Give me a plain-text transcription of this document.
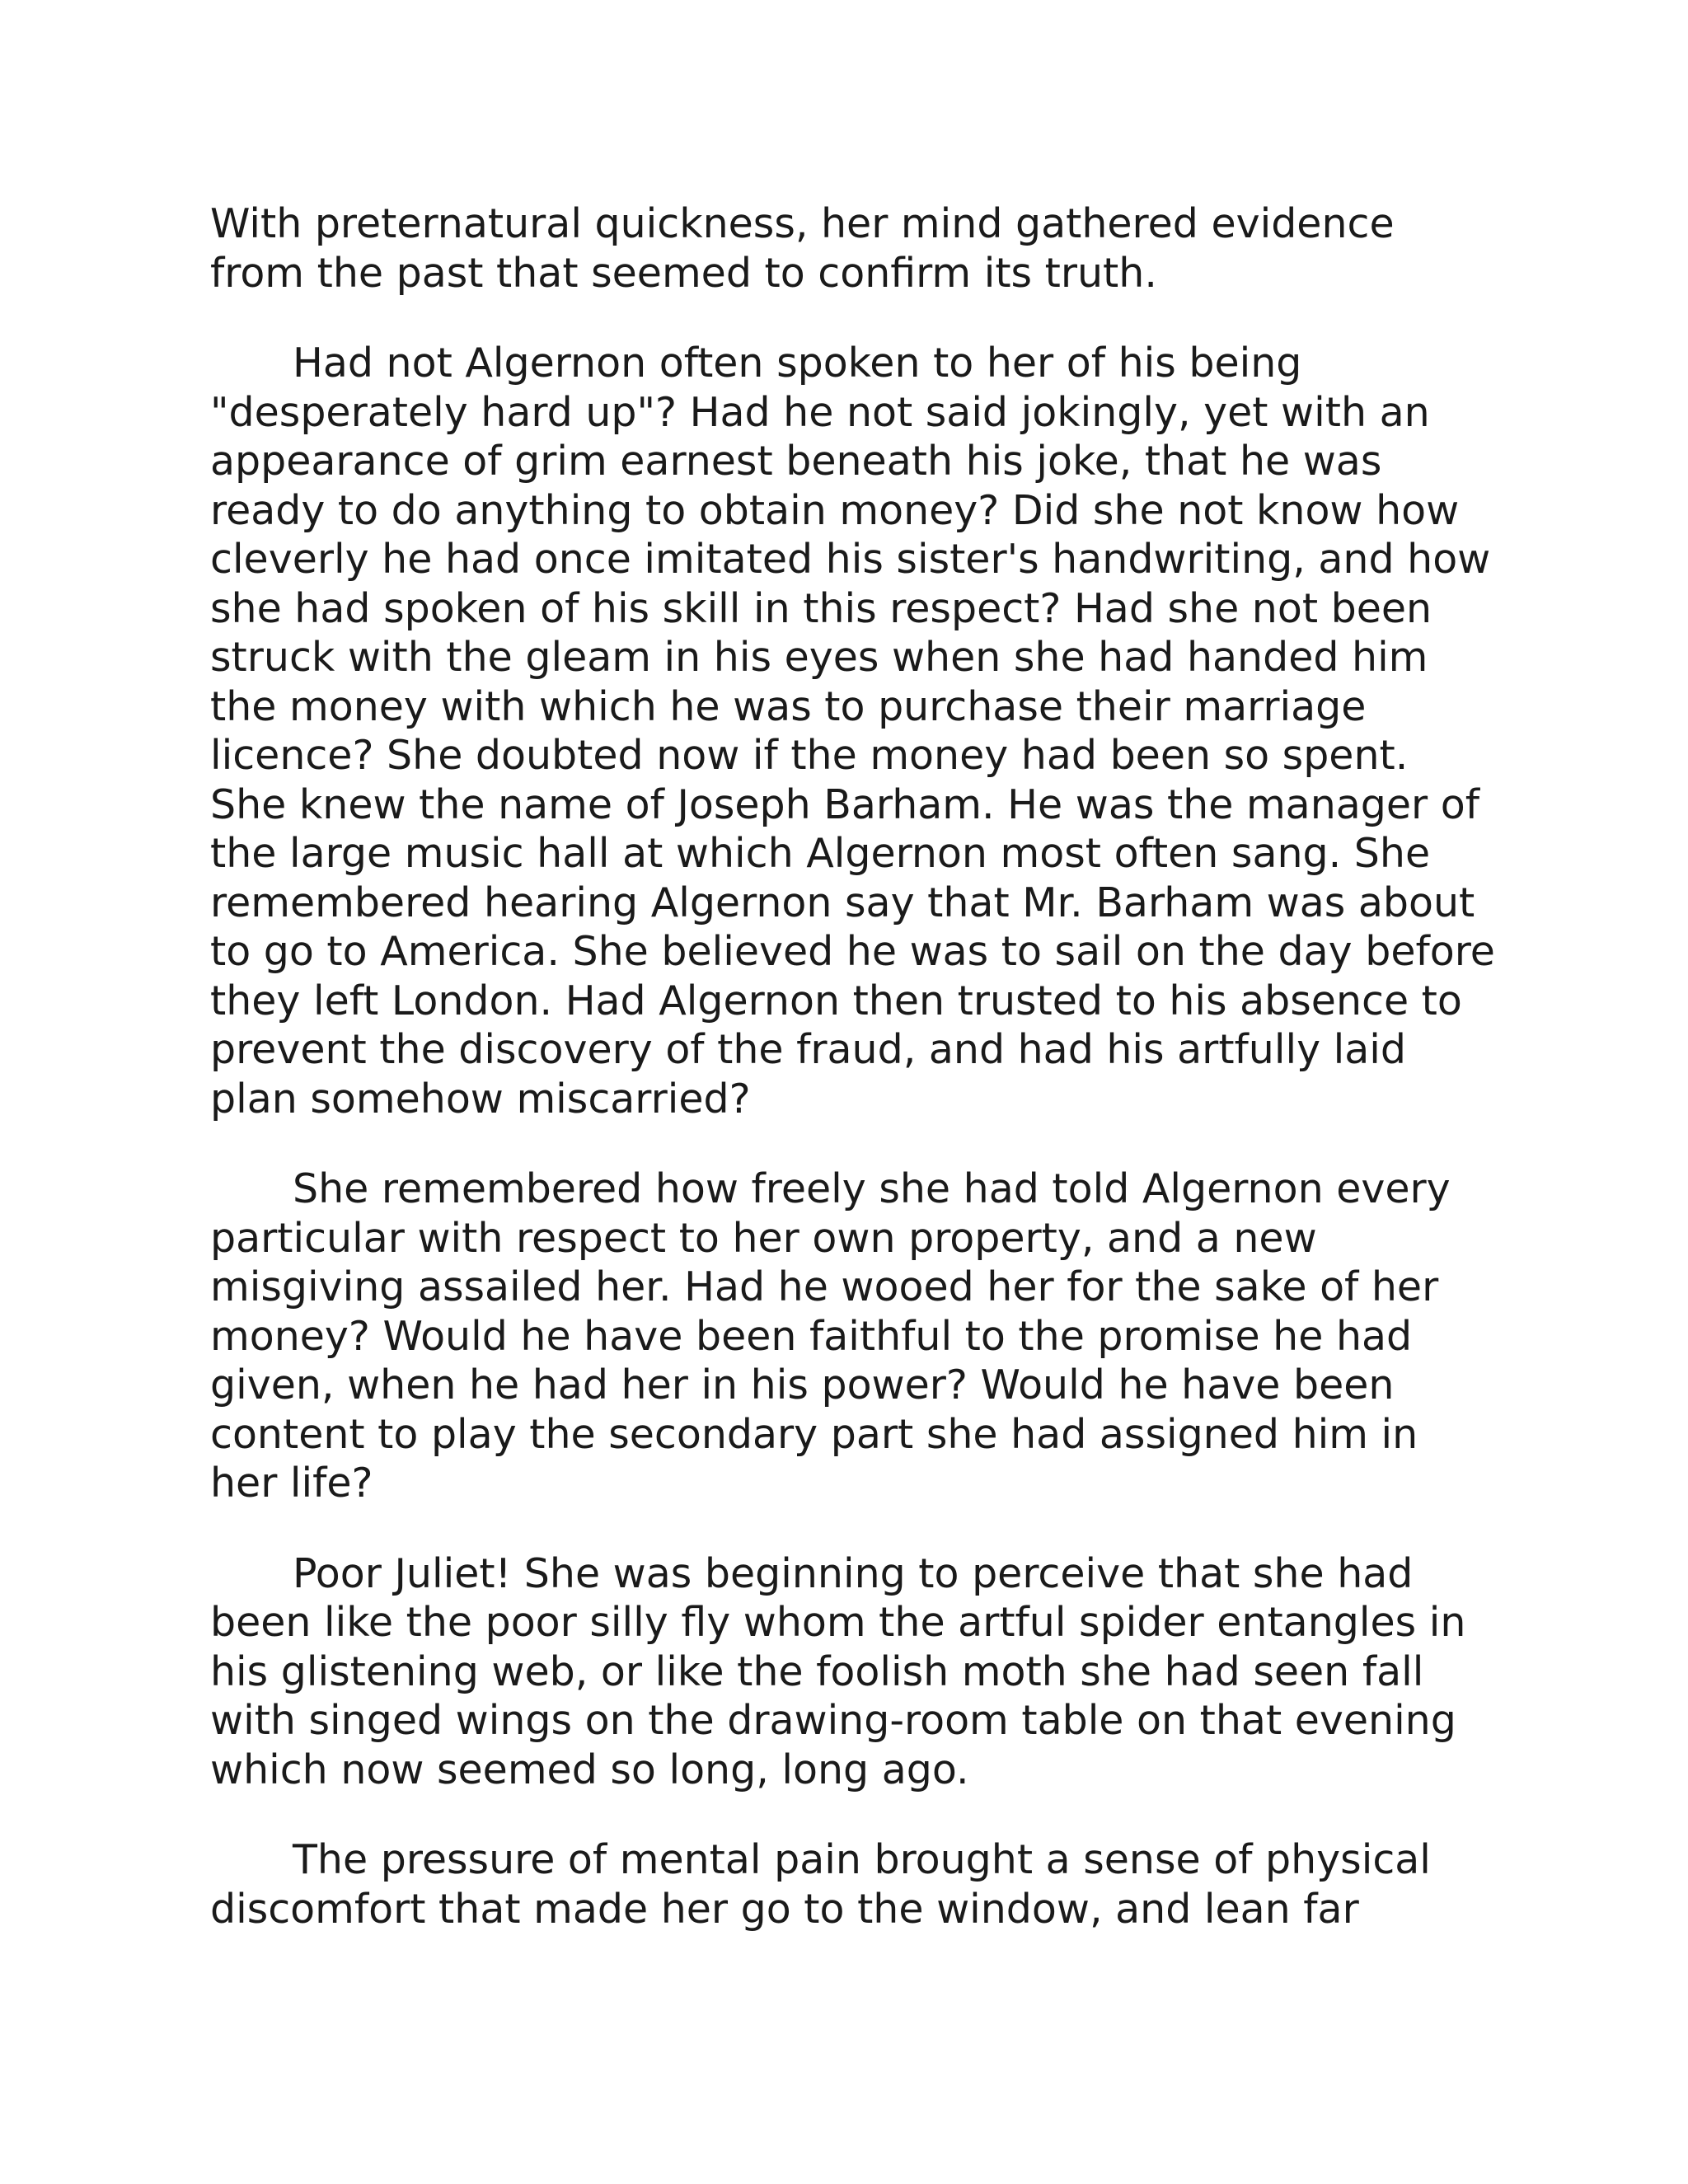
With preternatural quickness, her mind gathered evidence from the past that seemed to confirm its truth.

Had not Algernon often spoken to her of his being "desperately hard up"? Had he not said jokingly, yet with an appearance of grim earnest beneath his joke, that he was ready to do anything to obtain money? Did she not know how cleverly he had once imitated his sister's handwriting, and how she had spoken of his skill in this respect? Had she not been struck with the gleam in his eyes when she had handed him the money with which he was to purchase their marriage licence? She doubted now if the money had been so spent. She knew the name of Joseph Barham. He was the manager of the large music hall at which Algernon most often sang. She remembered hearing Algernon say that Mr. Barham was about to go to America. She believed he was to sail on the day before they left London. Had Algernon then trusted to his absence to prevent the discovery of the fraud, and had his artfully laid plan somehow miscarried?

She remembered how freely she had told Algernon every particular with respect to her own property, and a new misgiving assailed her. Had he wooed her for the sake of her money? Would he have been faithful to the promise he had given, when he had her in his power? Would he have been content to play the secondary part she had assigned him in her life?

Poor Juliet! She was beginning to perceive that she had been like the poor silly fly whom the artful spider entangles in his glistening web, or like the foolish moth she had seen fall with singed wings on the drawing-room table on that evening which now seemed so long, long ago.

The pressure of mental pain brought a sense of physical discomfort that made her go to the window, and lean far
